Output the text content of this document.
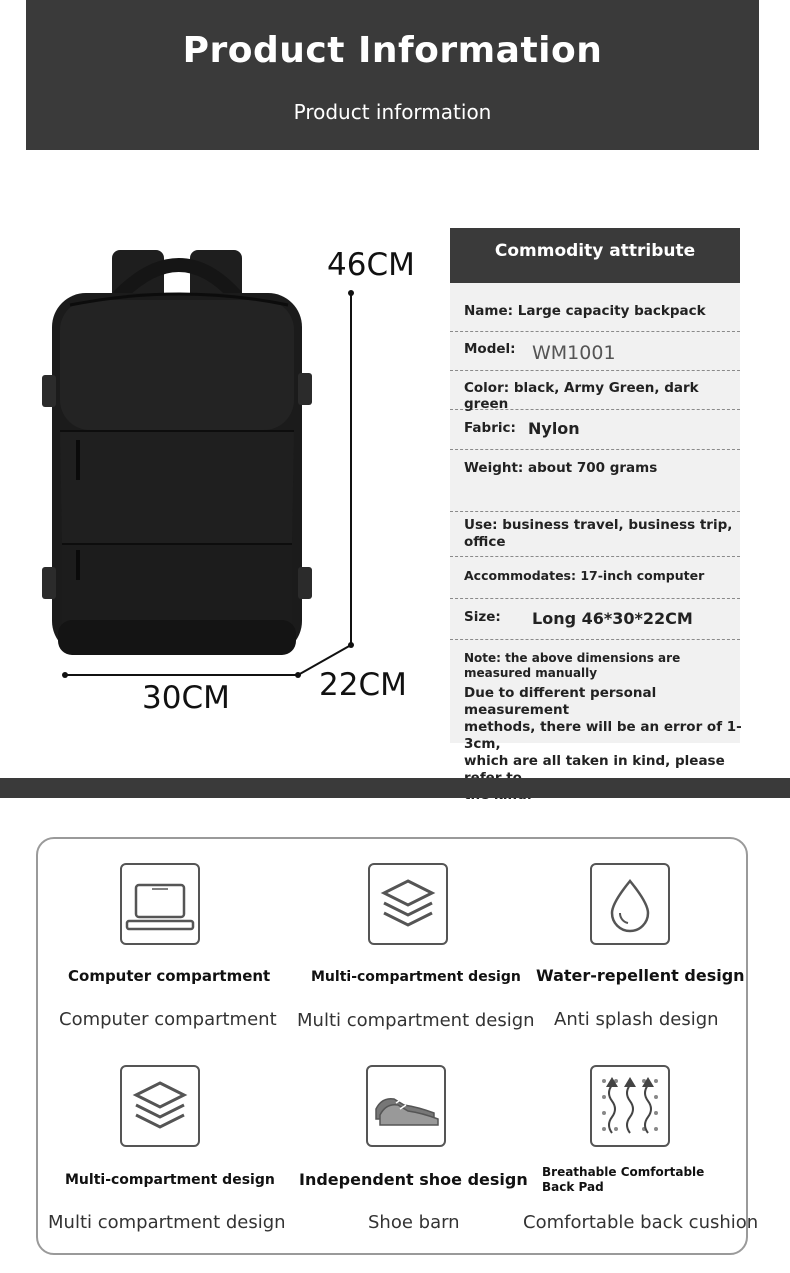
Product Information
Product information
46CM
30CM	22CM
Commodity attribute
Name: Large capacity backpack
Model: WM1001
Color: black, Army Green, dark green
Fabric: Nylon
Weight: about 700 grams
Use: business travel, business trip,
office
Accommodates: 17-inch computer
Size: Long 46*30*22CM
Note: the above dimensions are
measured manually
Due to different personal measurement
methods, there will be an error of 1-3cm,
which are all taken in kind, please

Computer compartment
Computer compartment
Multi-compartment design
Multi compartment design
Water-repellent design
Anti splash design
Multi-compartment design
Multi compartment design
Independent shoe design
Shoe barn
Breathable Comfortable
Back Pad
Comfortable back cushion
